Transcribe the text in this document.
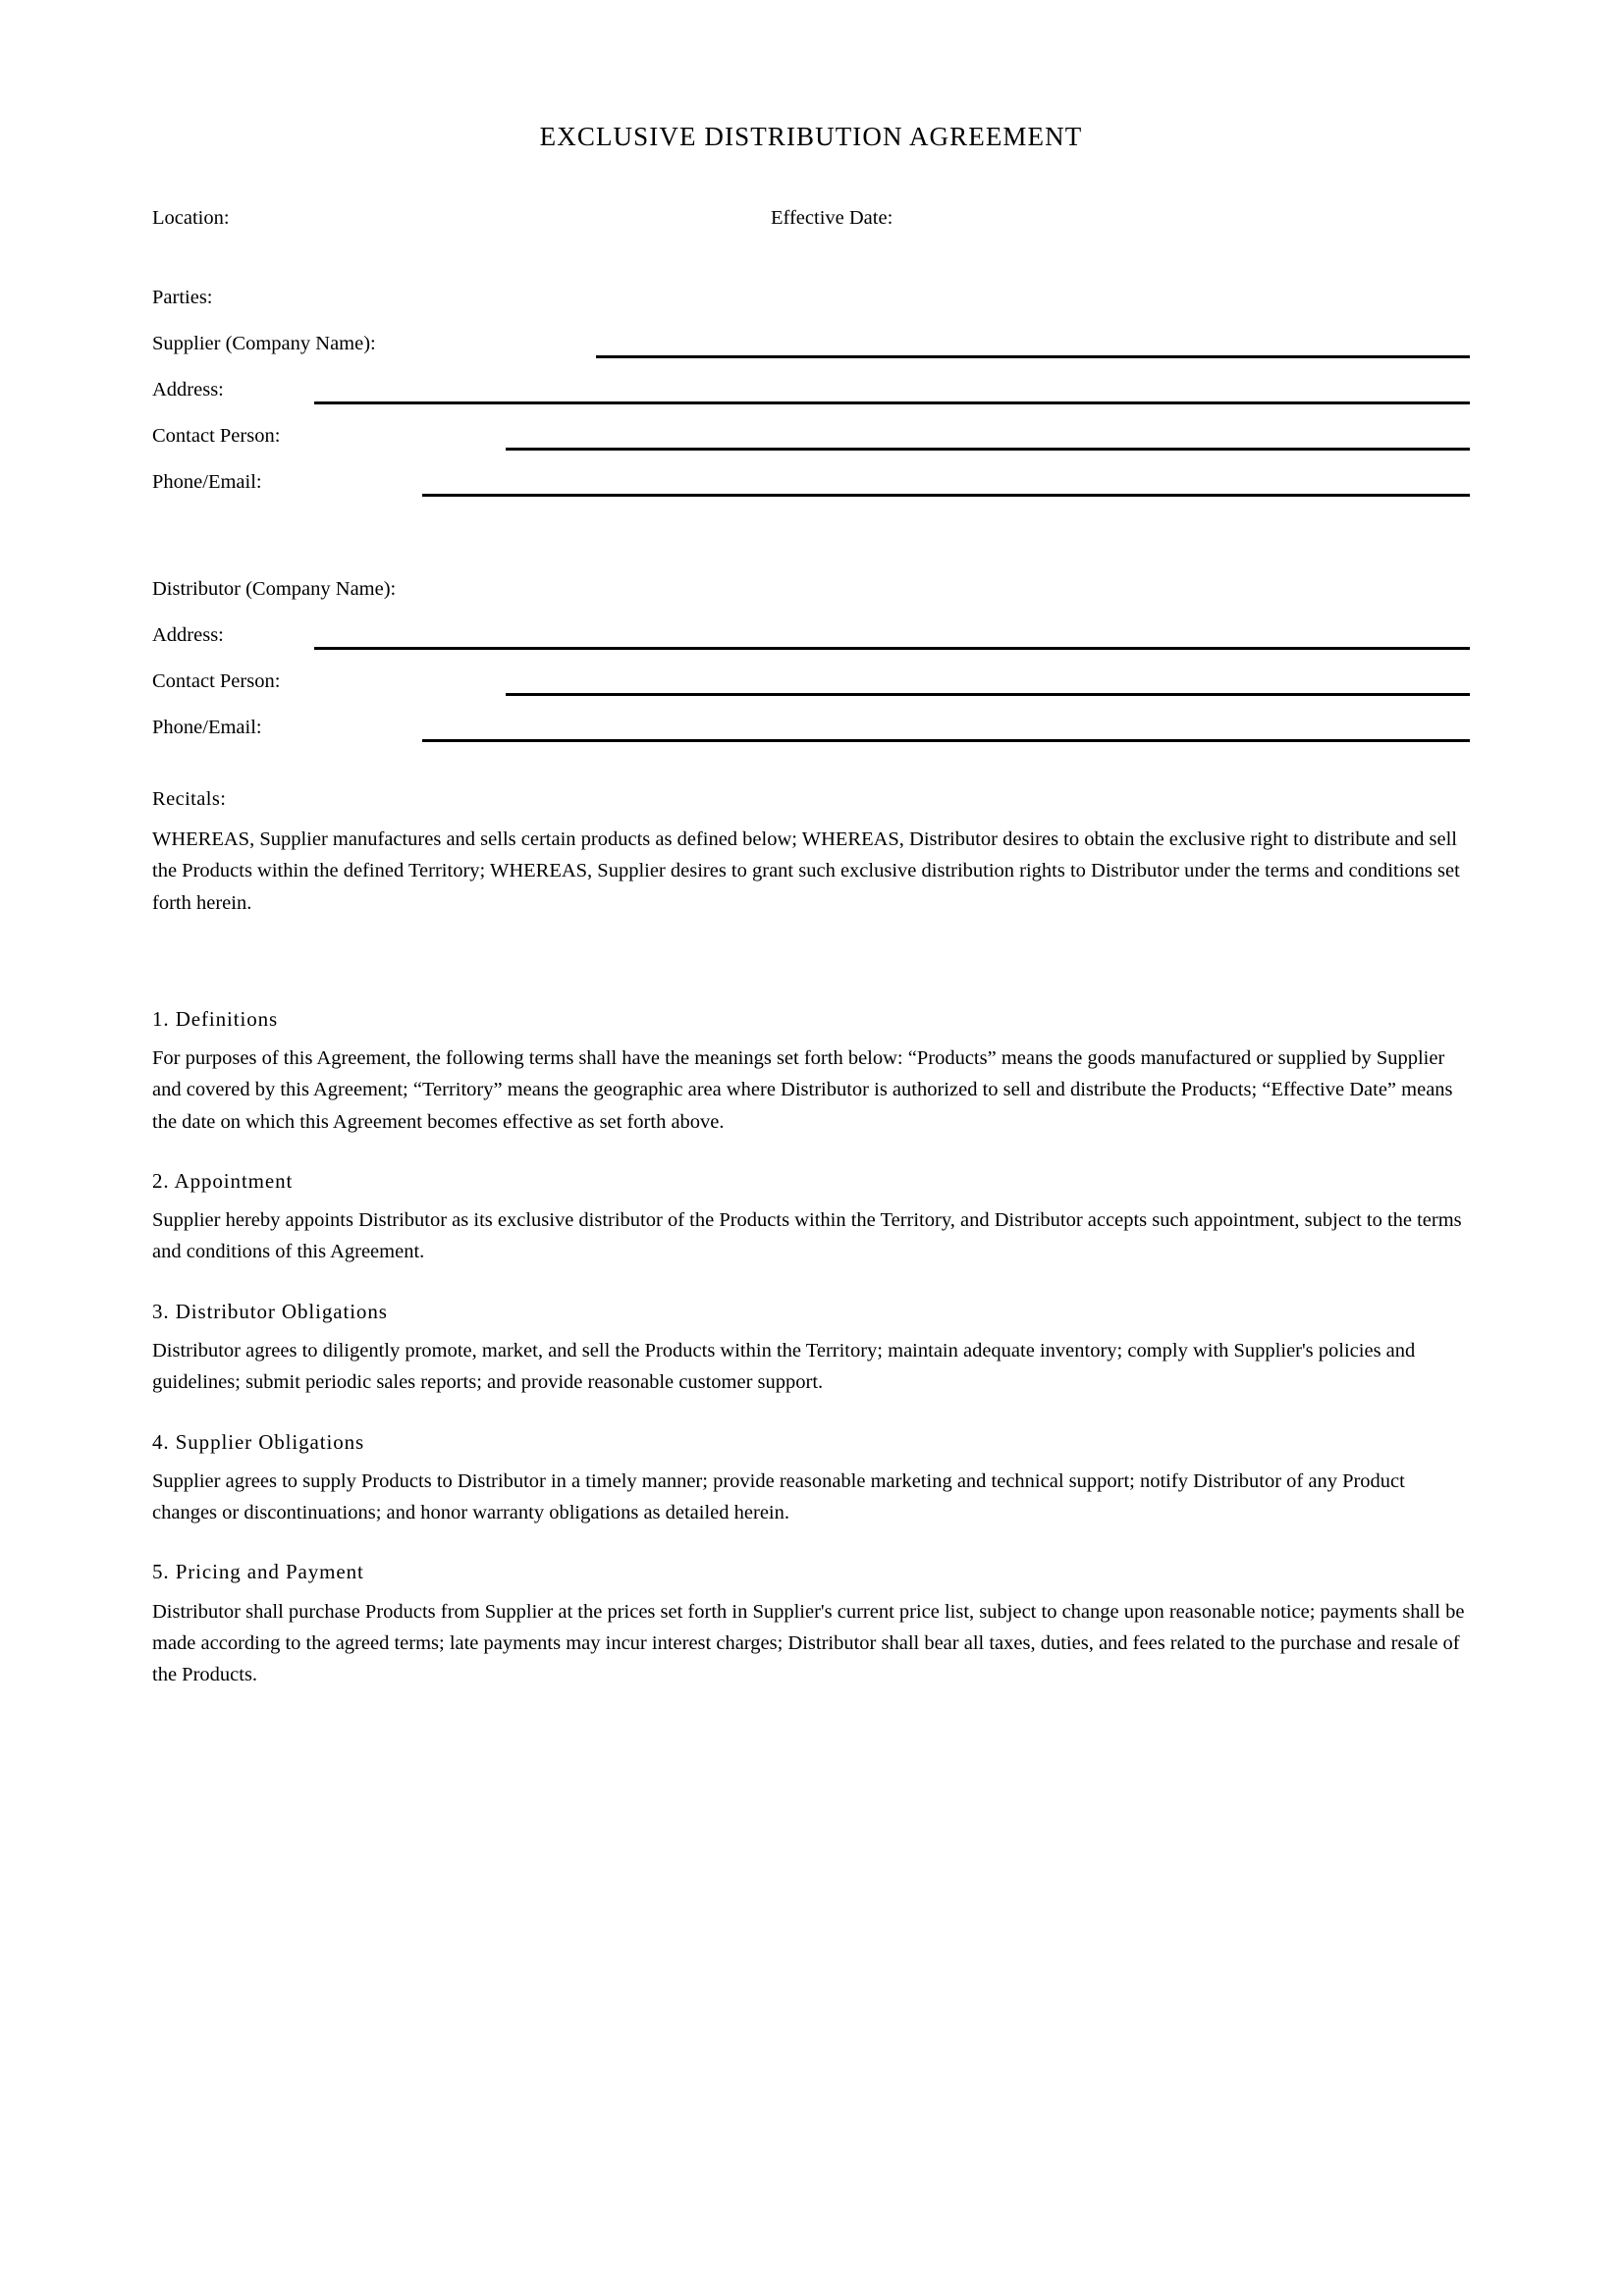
EXCLUSIVE DISTRIBUTION AGREEMENT
Location:	Effective Date:
Parties:
Supplier (Company Name):
Address:
Contact Person:
Phone/Email:
Distributor (Company Name):
Address:
Contact Person:
Phone/Email:

Recitals:

WHEREAS, Supplier manufactures and sells certain products as defined below; WHEREAS, Distributor desires to obtain the exclusive right to distribute and sell the Products within the defined Territory; WHEREAS, Supplier desires to grant such exclusive distribution rights to Distributor under the terms and conditions set forth herein.

1. Definitions

For purposes of this Agreement, the following terms shall have the meanings set forth below: “Products” means the goods manufactured or supplied by Supplier and covered by this Agreement; “Territory” means the geographic area where Distributor is authorized to sell and distribute the Products; “Effective Date” means the date on which this Agreement becomes effective as set forth above.

2. Appointment

Supplier hereby appoints Distributor as its exclusive distributor of the Products within the Territory, and Distributor accepts such appointment, subject to the terms and conditions of this Agreement.

3. Distributor Obligations

Distributor agrees to diligently promote, market, and sell the Products within the Territory; maintain adequate inventory; comply with Supplier's policies and guidelines; submit periodic sales reports; and provide reasonable customer support.

4. Supplier Obligations

Supplier agrees to supply Products to Distributor in a timely manner; provide reasonable marketing and technical support; notify Distributor of any Product changes or discontinuations; and honor warranty obligations as detailed herein.

5. Pricing and Payment

Distributor shall purchase Products from Supplier at the prices set forth in Supplier's current price list, subject to change upon reasonable notice; payments shall be made according to the agreed terms; late payments may incur interest charges; Distributor shall bear all taxes, duties, and fees related to the purchase and resale of the Products.
